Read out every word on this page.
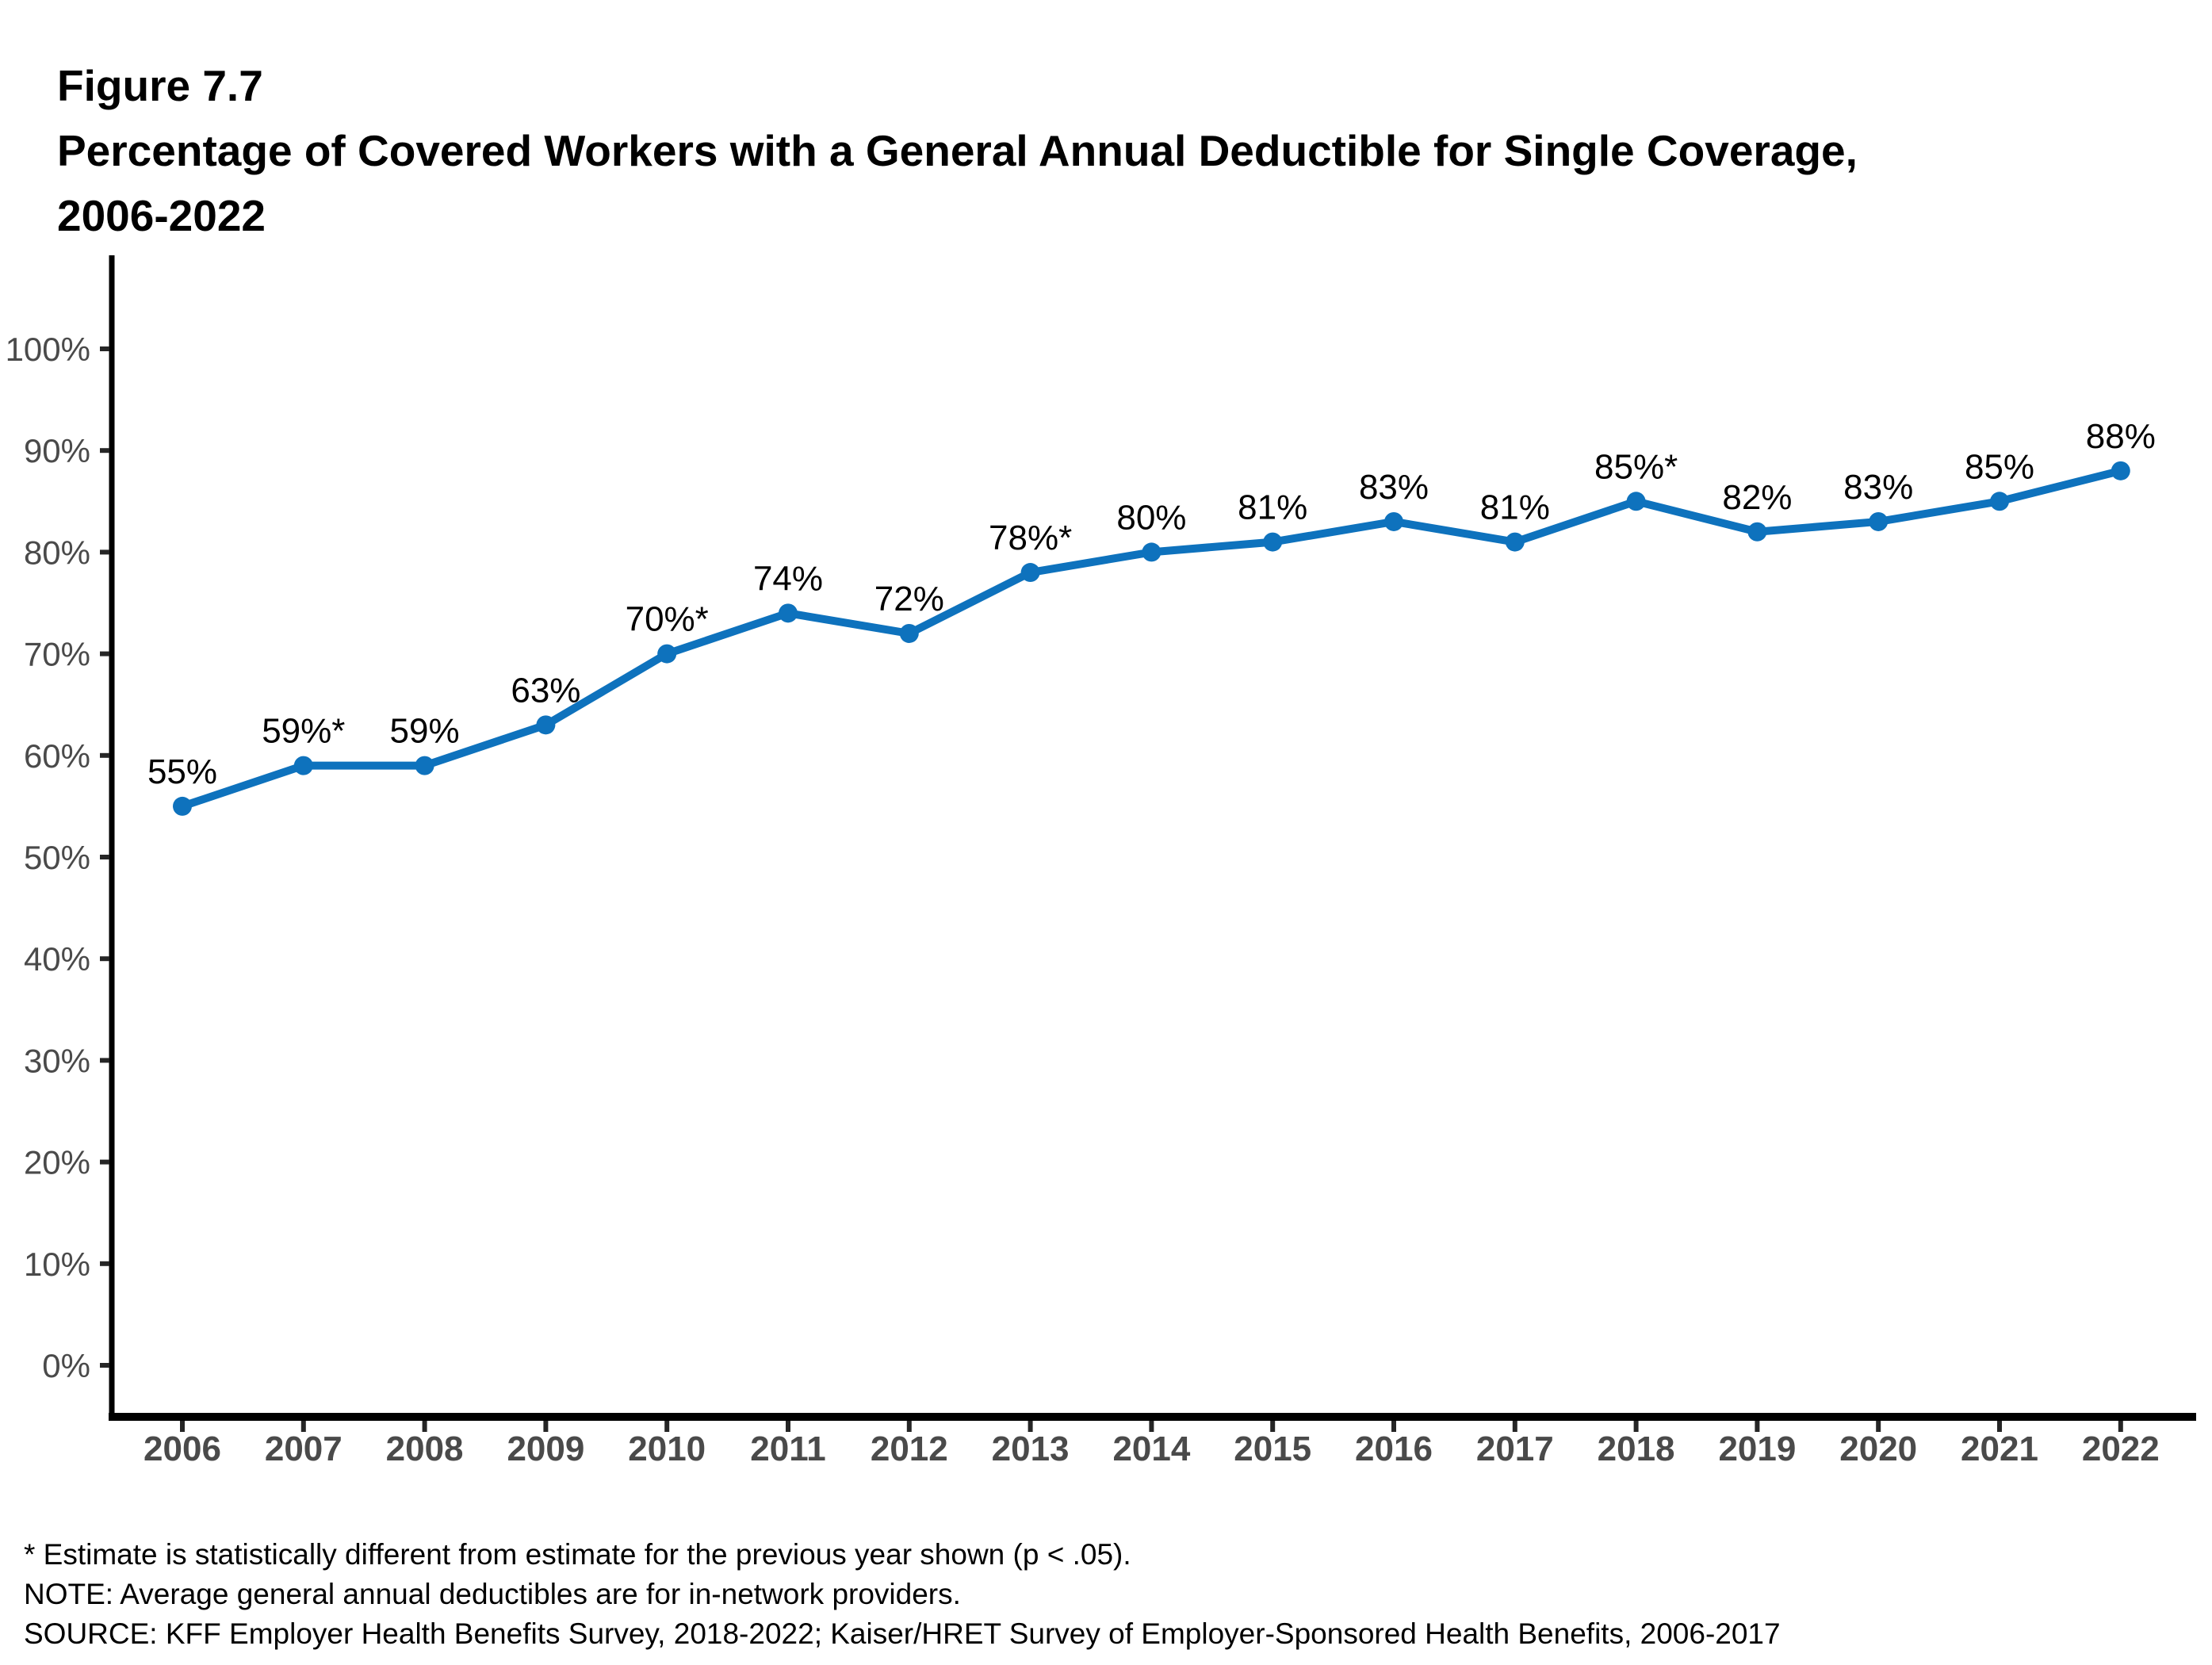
Figure 7.7
Percentage of Covered Workers with a General Annual Deductible for Single Coverage,
2006-2022
0%
10%
20%
30%
40%
50%
60%
70%
80%
90%
100%
2006 2007 2008 2009 2010 2011 2012 2013 2014 2015 2016 2017 2018 2019 2020 2021 2022
55%
59%* 59%
63%
70%*
74%
72%
78%*
80% 81%
83%
81%
85%*
82% 83%
85%
88%
* Estimate is statistically different from estimate for the previous year shown (p < .05).
NOTE: Average general annual deductibles are for in-network providers.
SOURCE: KFF Employer Health Benefits Survey, 2018-2022; Kaiser/HRET Survey of Employer-Sponsored Health Benefits, 2006-2017
